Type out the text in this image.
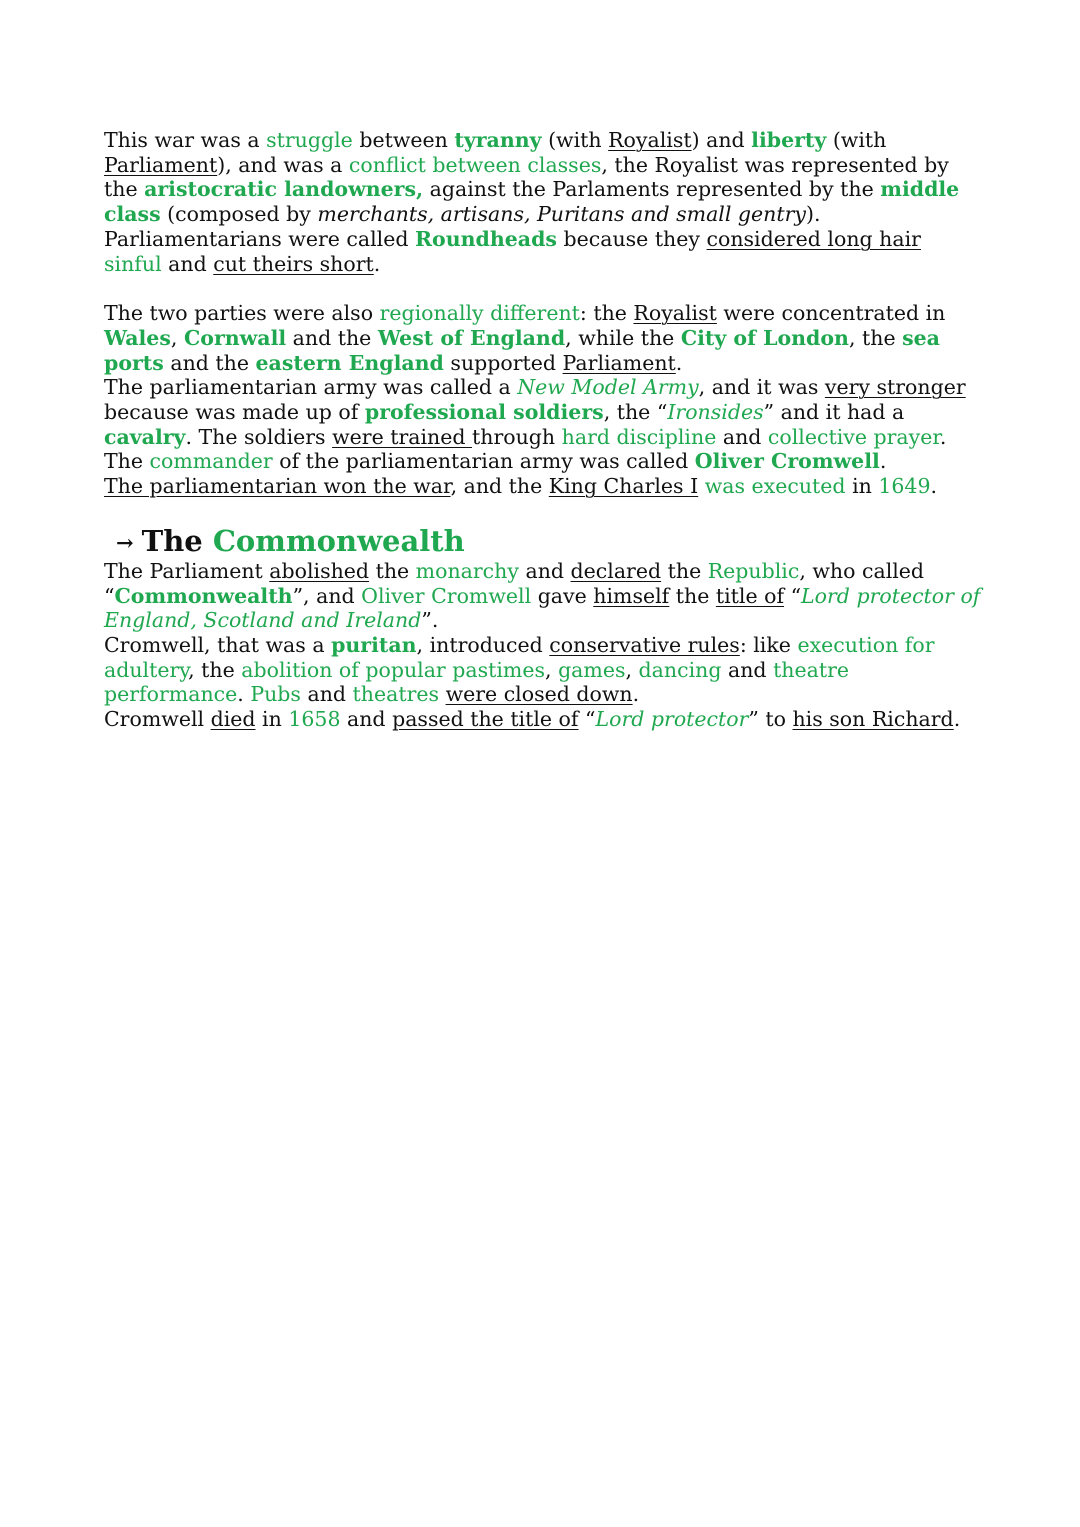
This war was a struggle between tyranny (with Royalist) and liberty (with Parliament), and was a conflict between classes, the Royalist was represented by the aristocratic landowners, against the Parlaments represented by the middle class (composed by merchants, artisans, Puritans and small gentry). Parliamentarians were called Roundheads because they considered long hair sinful and cut theirs short.

The two parties were also regionally different: the Royalist were concentrated in Wales, Cornwall and the West of England, while the City of London, the sea ports and the eastern England supported Parliament.

The parliamentarian army was called a New Model Army, and it was very stronger because was made up of professional soldiers, the “Ironsides” and it had a cavalry. The soldiers were trained through hard discipline and collective prayer. The commander of the parliamentarian army was called Oliver Cromwell.

The parliamentarian won the war, and the King Charles I was executed in 1649.

→ The Commonwealth

The Parliament abolished the monarchy and declared the Republic, who called “Commonwealth”, and Oliver Cromwell gave himself the title of “Lord protector of England, Scotland and Ireland”.

Cromwell, that was a puritan, introduced conservative rules: like execution for adultery, the abolition of popular pastimes, games, dancing and theatre performance. Pubs and theatres were closed down.

Cromwell died in 1658 and passed the title of “Lord protector” to his son Richard.
